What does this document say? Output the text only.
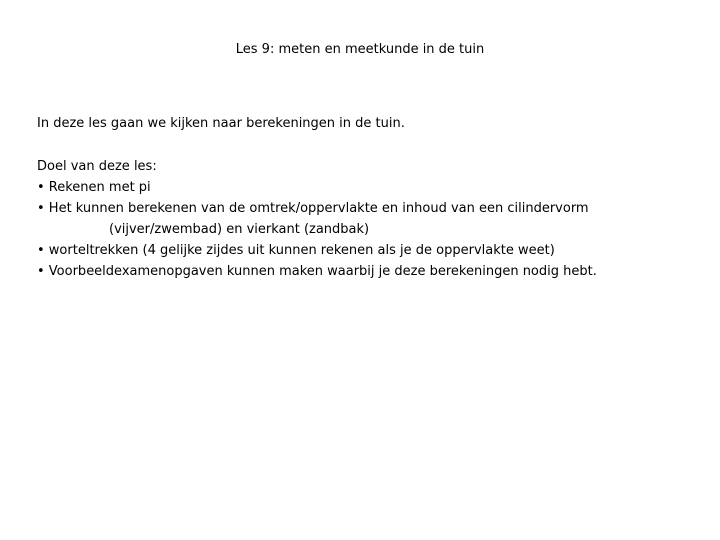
Les 9: meten en meetkunde in de tuin

In deze les gaan we kijken naar berekeningen in de tuin.

Doel van deze les:

• Rekenen met pi

• Het kunnen berekenen van de omtrek/oppervlakte en inhoud van een cilindervorm

(vijver/zwembad) en vierkant (zandbak)

• worteltrekken (4 gelijke zijdes uit kunnen rekenen als je de oppervlakte weet)

• Voorbeeldexamenopgaven kunnen maken waarbij je deze berekeningen nodig hebt.
